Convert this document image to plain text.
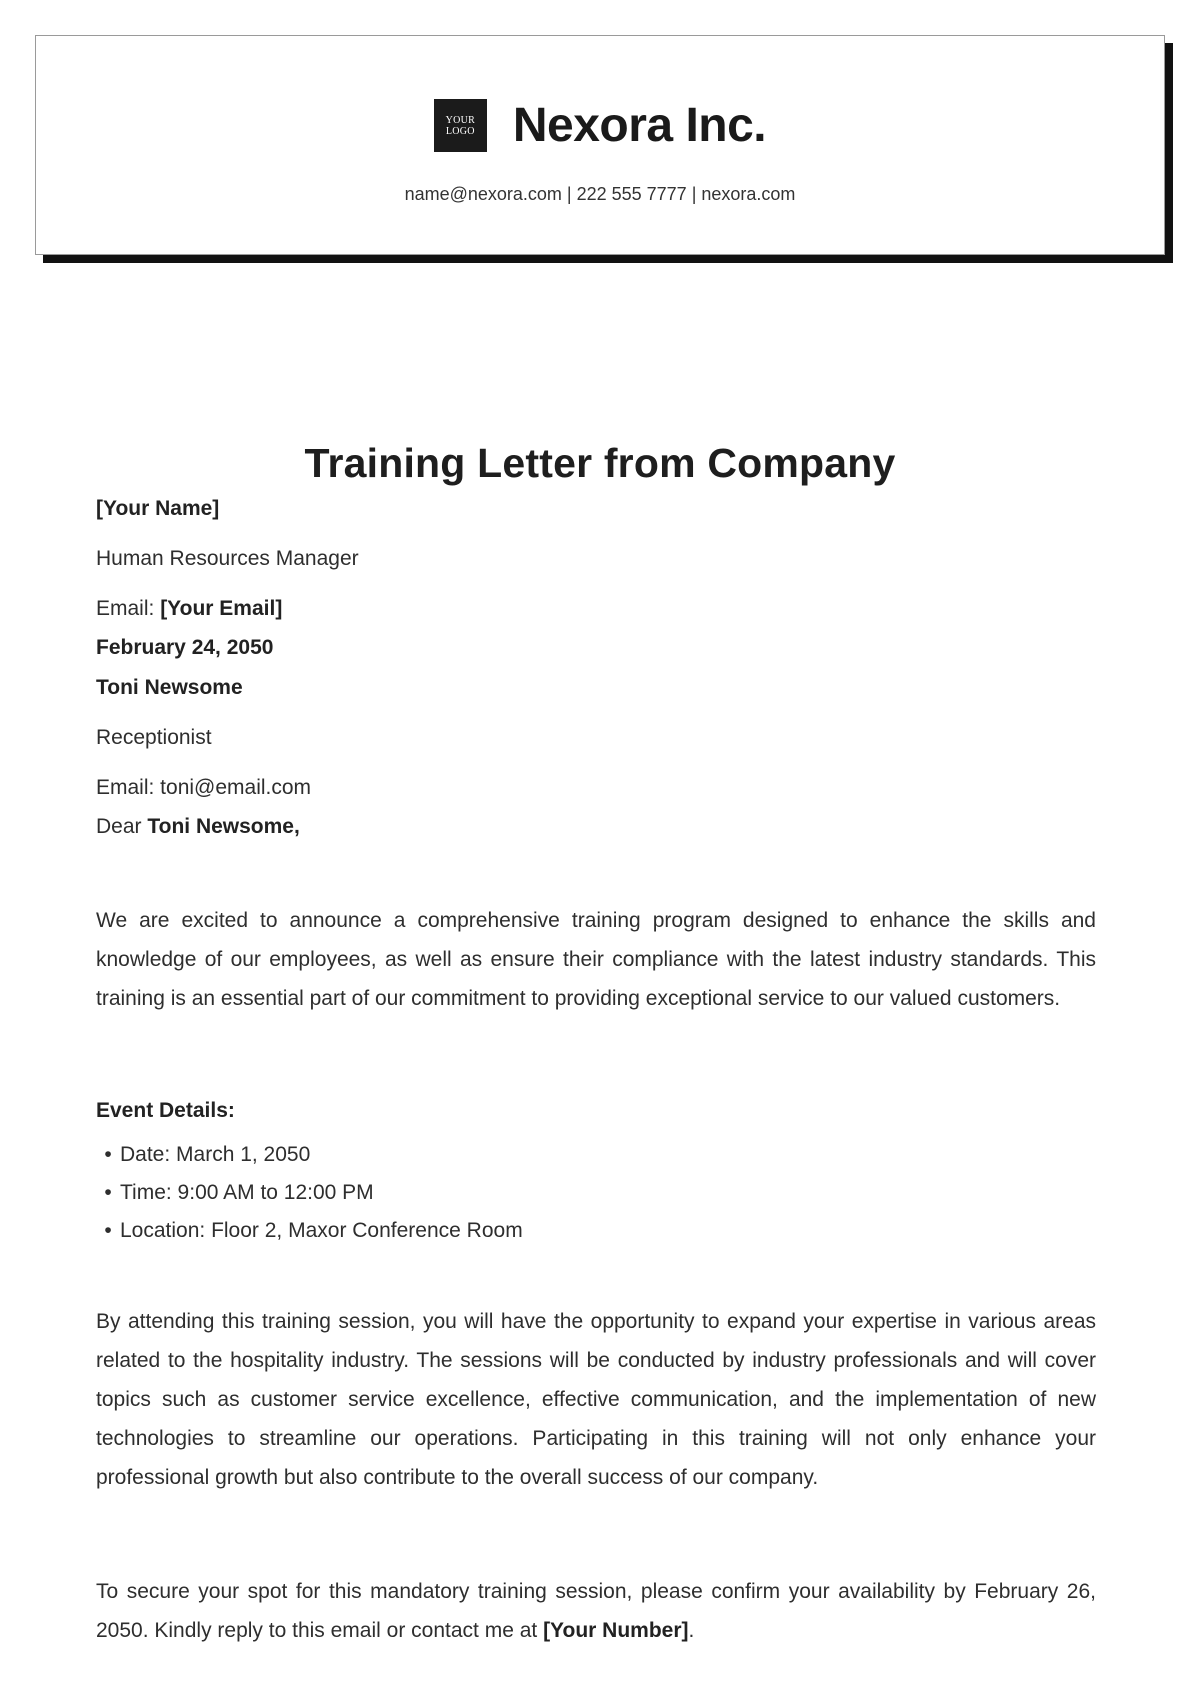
YOUR
LOGO Nexora Inc.
name@nexora.com | 222 555 7777 | nexora.com
Training Letter from Company
[Your Name]
Human Resources Manager
Email: [Your Email]
February 24, 2050
Toni Newsome
Receptionist
Email: toni@email.com
Dear Toni Newsome,

We are excited to announce a comprehensive training program designed to enhance the skills and knowledge of our employees, as well as ensure their compliance with the latest industry standards. This training is an essential part of our commitment to providing exceptional service to our valued customers.

Event Details:
• Date: March 1, 2050
• Time: 9:00 AM to 12:00 PM
• Location: Floor 2, Maxor Conference Room

By attending this training session, you will have the opportunity to expand your expertise in various areas related to the hospitality industry. The sessions will be conducted by industry professionals and will cover topics such as customer service excellence, effective communication, and the implementation of new technologies to streamline our operations. Participating in this training will not only enhance your professional growth but also contribute to the overall success of our company.

To secure your spot for this mandatory training session, please confirm your availability by February 26, 2050. Kindly reply to this email or contact me at [Your Number].
